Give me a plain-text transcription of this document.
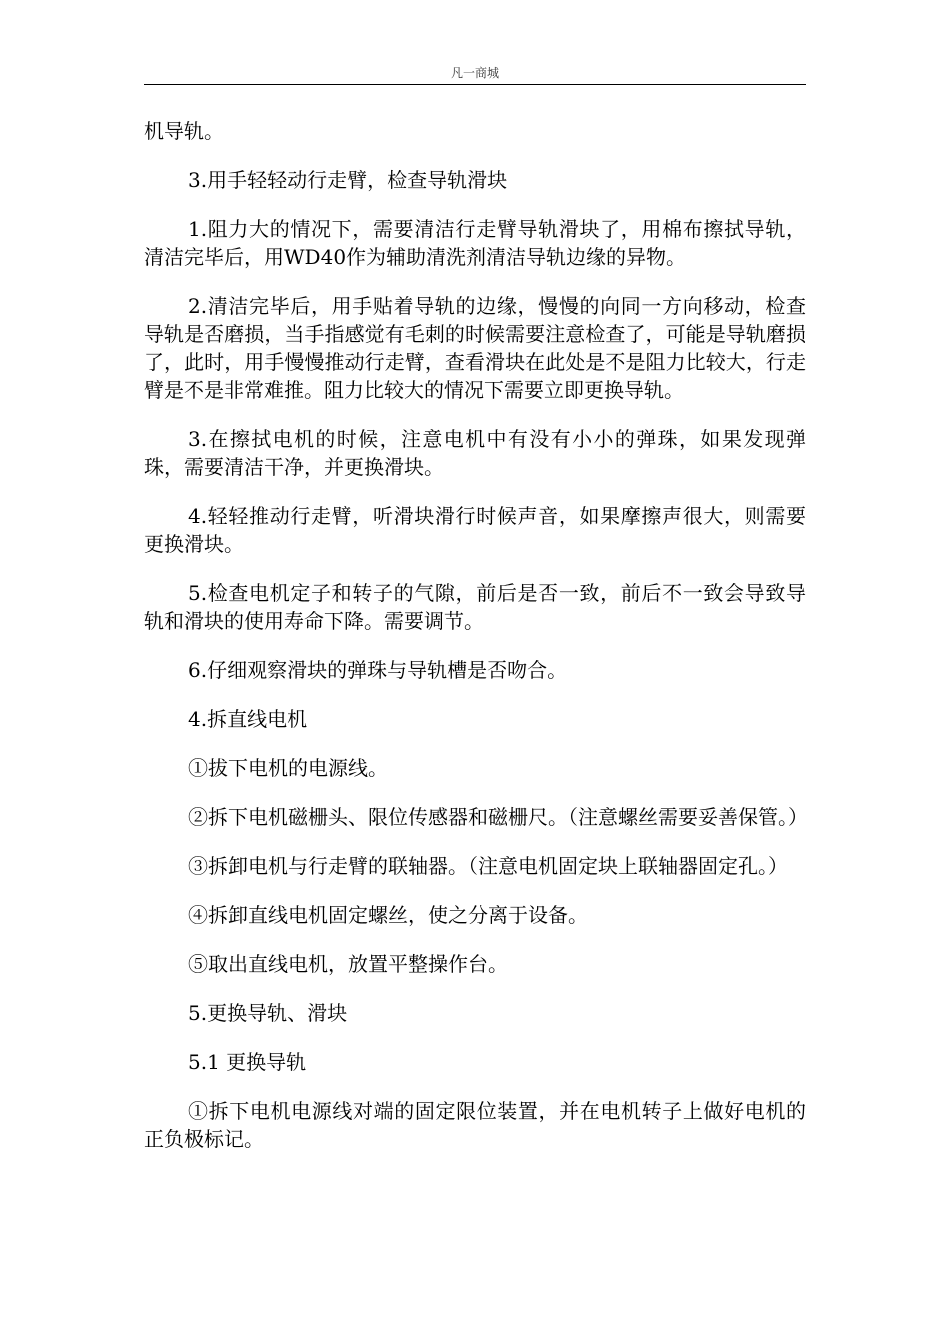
凡一商城

机导轨。

3.用手轻轻动行走臂，检查导轨滑块

1.阻力大的情况下，需要清洁行走臂导轨滑块了，用棉布擦拭导轨，清洁完毕后，用WD40作为辅助清洗剂清洁导轨边缘的异物。

2.清洁完毕后，用手贴着导轨的边缘，慢慢的向同一方向移动，检查导轨是否磨损，当手指感觉有毛刺的时候需要注意检查了，可能是导轨磨损了，此时，用手慢慢推动行走臂，查看滑块在此处是不是阻力比较大，行走臂是不是非常难推。阻力比较大的情况下需要立即更换导轨。

3.在擦拭电机的时候，注意电机中有没有小小的弹珠，如果发现弹珠，需要清洁干净，并更换滑块。

4.轻轻推动行走臂，听滑块滑行时候声音，如果摩擦声很大，则需要更换滑块。

5.检查电机定子和转子的气隙，前后是否一致，前后不一致会导致导轨和滑块的使用寿命下降。需要调节。

6.仔细观察滑块的弹珠与导轨槽是否吻合。

4.拆直线电机

①拔下电机的电源线。

②拆下电机磁栅头、限位传感器和磁栅尺。（注意螺丝需要妥善保管。）

③拆卸电机与行走臂的联轴器。（注意电机固定块上联轴器固定孔。）

④拆卸直线电机固定螺丝，使之分离于设备。

⑤取出直线电机，放置平整操作台。

5.更换导轨、滑块

5.1 更换导轨

①拆下电机电源线对端的固定限位装置，并在电机转子上做好电机的正负极标记。
